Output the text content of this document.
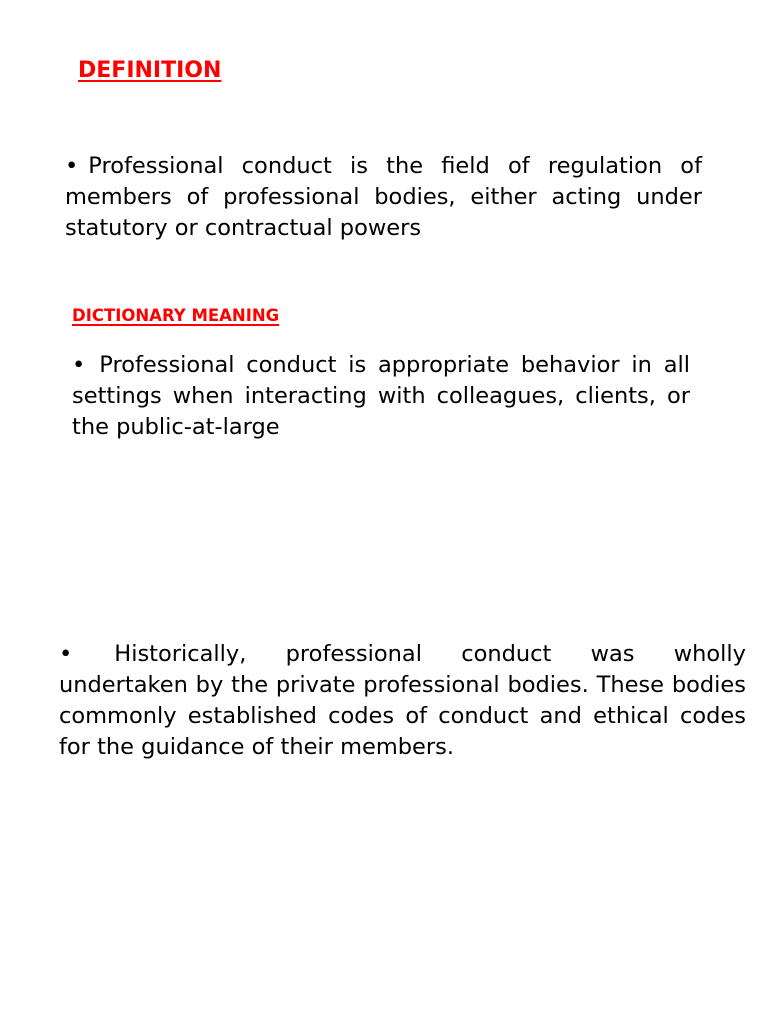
DEFINITION

• Professional conduct is the field of regulation of members of professional bodies, either acting under statutory or contractual powers

DICTIONARY MEANING

• Professional conduct is appropriate behavior in all settings when interacting with colleagues, clients, or the public-at-large

• Historically, professional conduct was wholly undertaken by the private professional bodies. These bodies commonly established codes of conduct and ethical codes for the guidance of their members.
